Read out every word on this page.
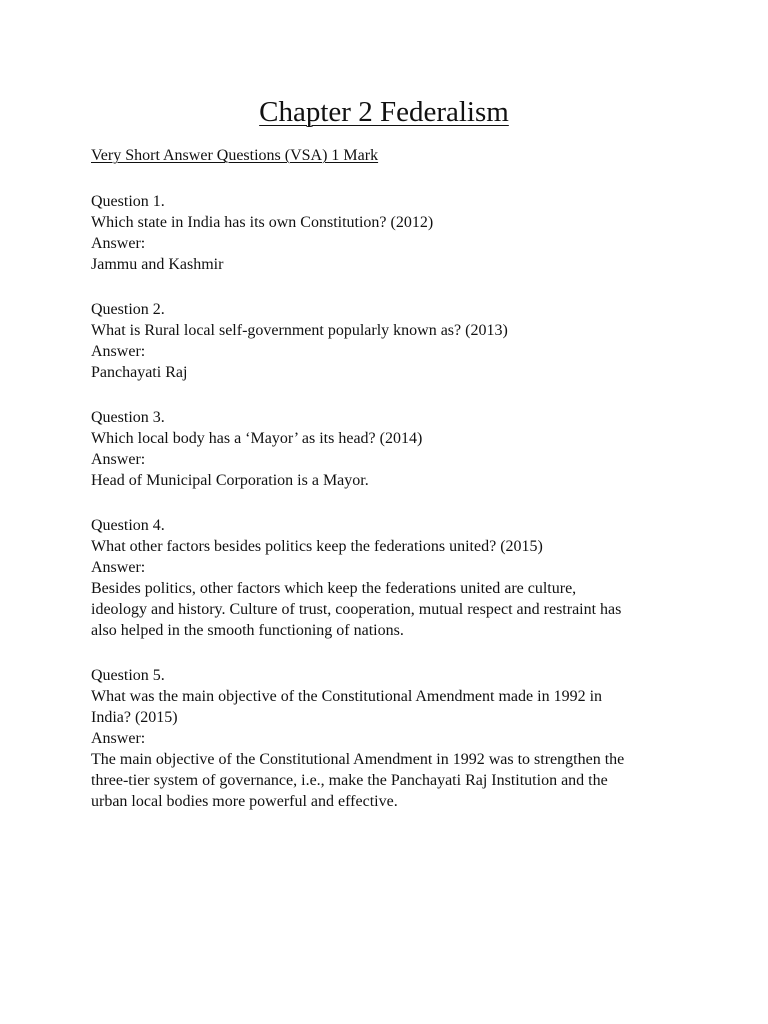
Chapter 2 Federalism
Very Short Answer Questions (VSA) 1 Mark
Question 1.
Which state in India has its own Constitution? (2012)
Answer:
Jammu and Kashmir
Question 2.
What is Rural local self-government popularly known as? (2013)
Answer:
Panchayati Raj
Question 3.
Which local body has a ‘Mayor’ as its head? (2014)
Answer:
Head of Municipal Corporation is a Mayor.
Question 4.
What other factors besides politics keep the federations united? (2015)
Answer:
Besides politics, other factors which keep the federations united are culture,
ideology and history. Culture of trust, cooperation, mutual respect and restraint has
also helped in the smooth functioning of nations.
Question 5.
What was the main objective of the Constitutional Amendment made in 1992 in
India? (2015)
Answer:
The main objective of the Constitutional Amendment in 1992 was to strengthen the
three-tier system of governance, i.e., make the Panchayati Raj Institution and the
urban local bodies more powerful and effective.
